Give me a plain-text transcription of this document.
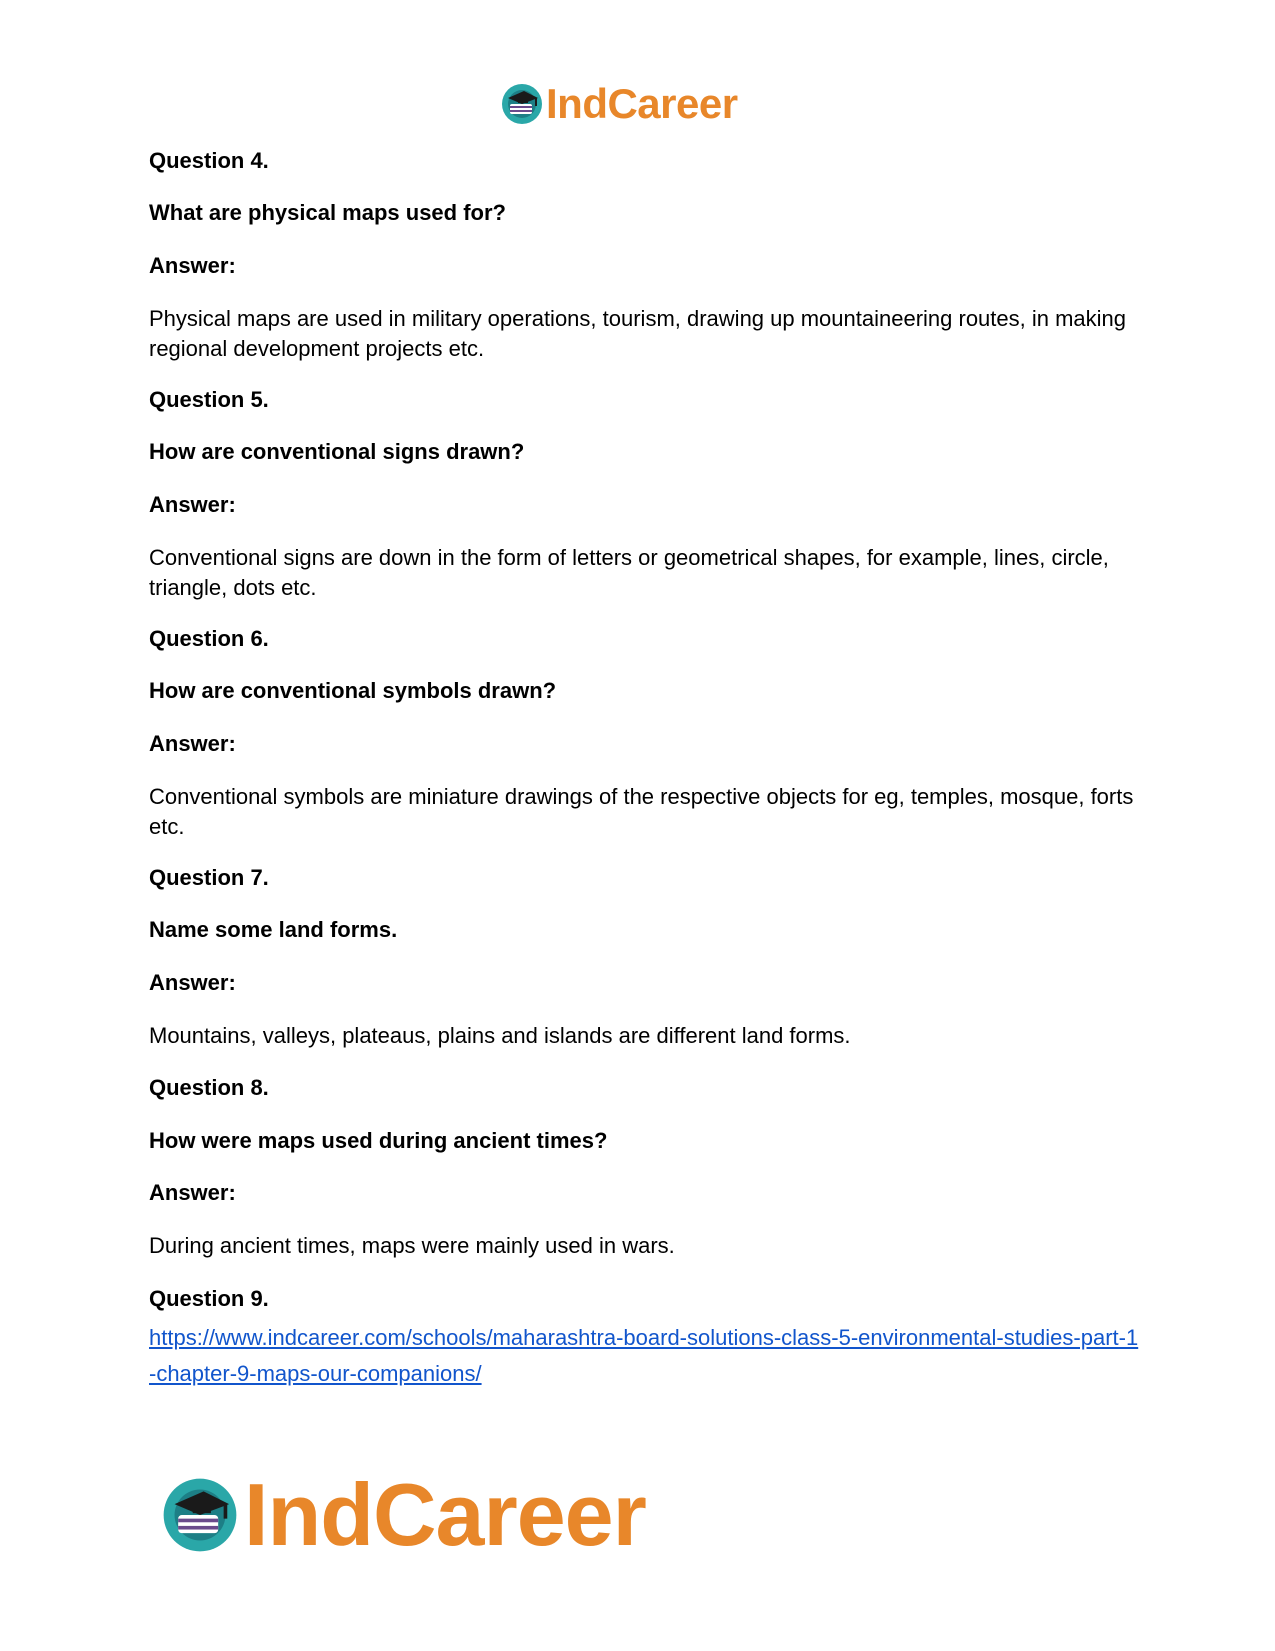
IndCareer
Question 4.
What are physical maps used for?
Answer:
Physical maps are used in military operations, tourism, drawing up mountaineering routes, in making regional development projects etc.
Question 5.
How are conventional signs drawn?
Answer:
Conventional signs are down in the form of letters or geometrical shapes, for example, lines, circle, triangle, dots etc.
Question 6.
How are conventional symbols drawn?
Answer:
Conventional symbols are miniature drawings of the respective objects for eg, temples, mosque, forts etc.
Question 7.
Name some land forms.
Answer:
Mountains, valleys, plateaus, plains and islands are different land forms.
Question 8.
How were maps used during ancient times?
Answer:
During ancient times, maps were mainly used in wars.
Question 9.
https://www.indcareer.com/schools/maharashtra-board-solutions-class-5-environmental-studies-part-1-chapter-9-maps-our-companions/
IndCareer
